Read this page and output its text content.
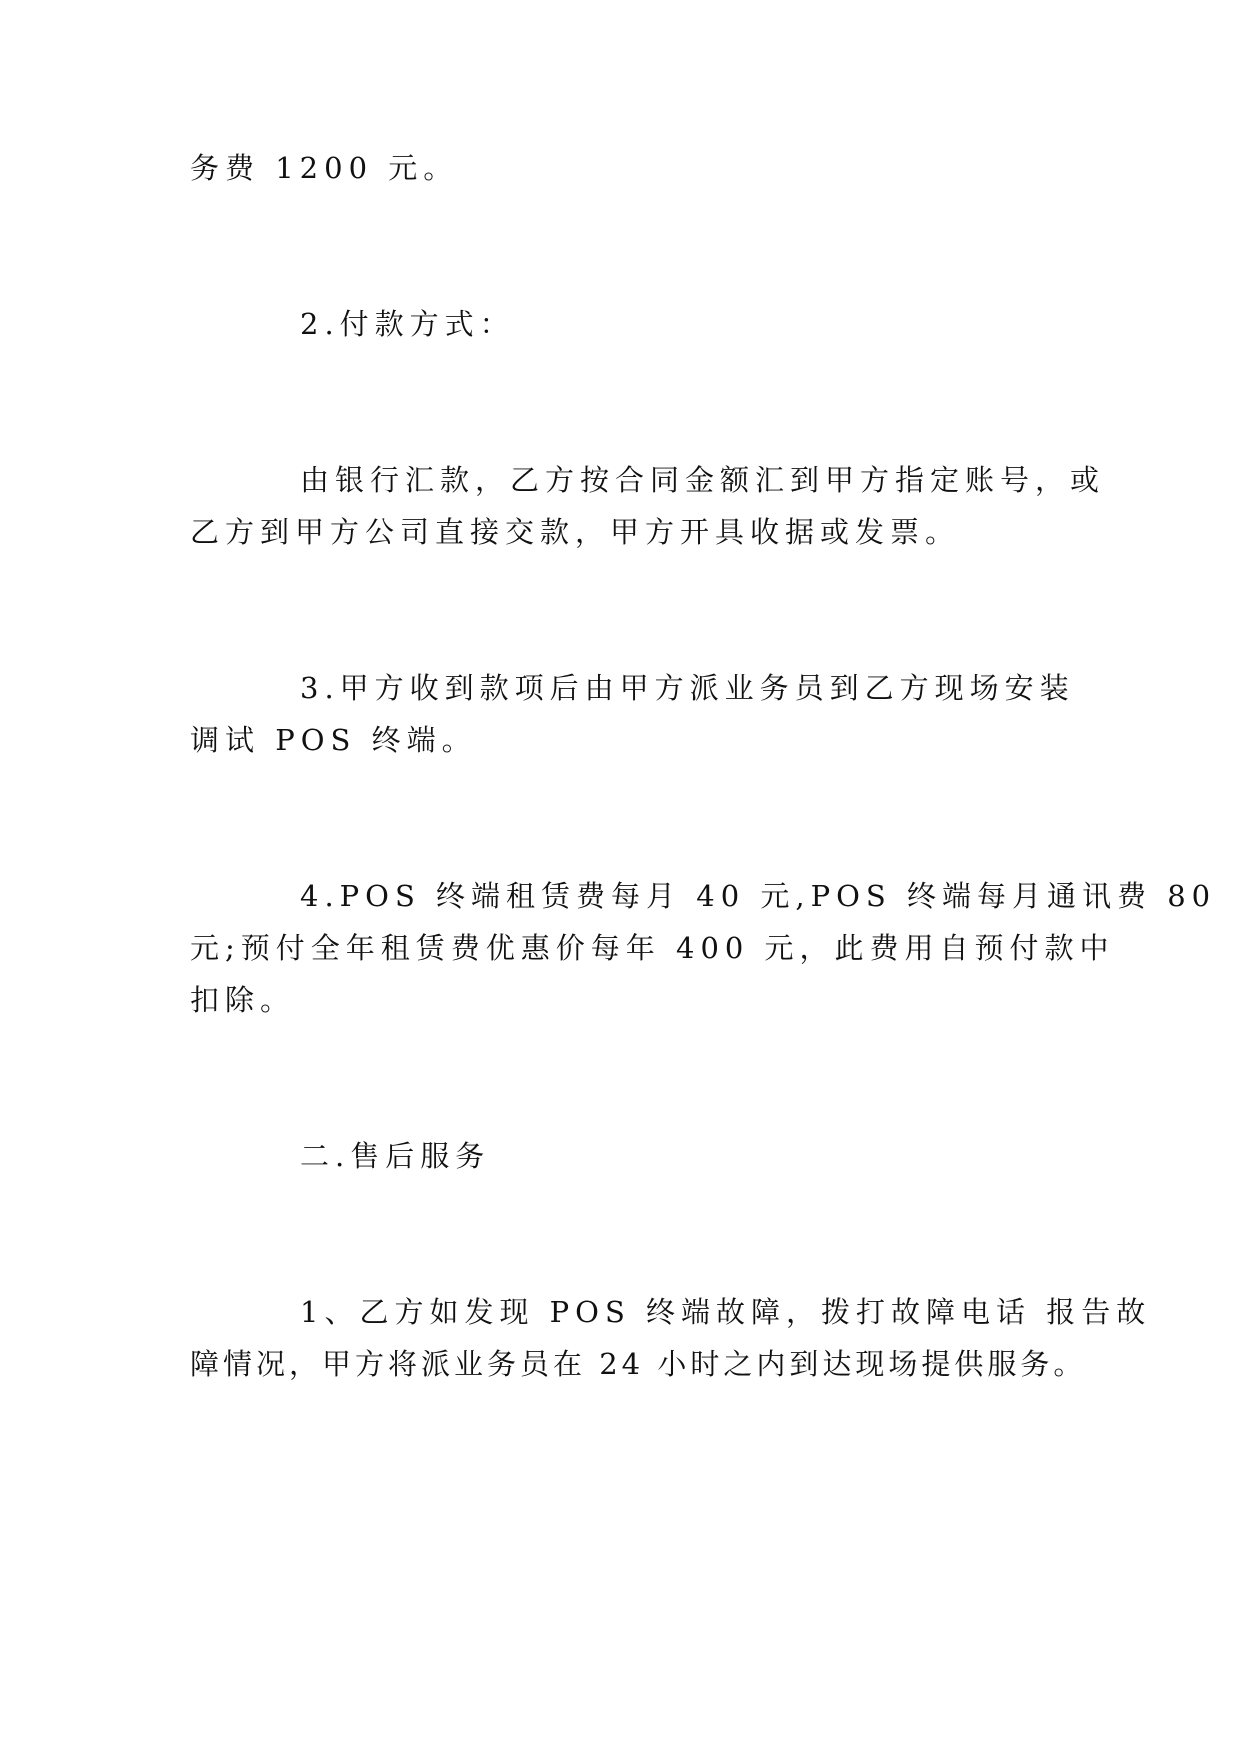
务费 1200 元。
2.付款方式：
由银行汇款，乙方按合同金额汇到甲方指定账号，或
乙方到甲方公司直接交款，甲方开具收据或发票。
3.甲方收到款项后由甲方派业务员到乙方现场安装
调试 POS 终端。
4.POS 终端租赁费每月 40 元,POS 终端每月通讯费 80
元;预付全年租赁费优惠价每年 400 元，此费用自预付款中
扣除。
二.售后服务
1、乙方如发现 POS 终端故障，拨打故障电话 报告故
障情况，甲方将派业务员在 24 小时之内到达现场提供服务。
